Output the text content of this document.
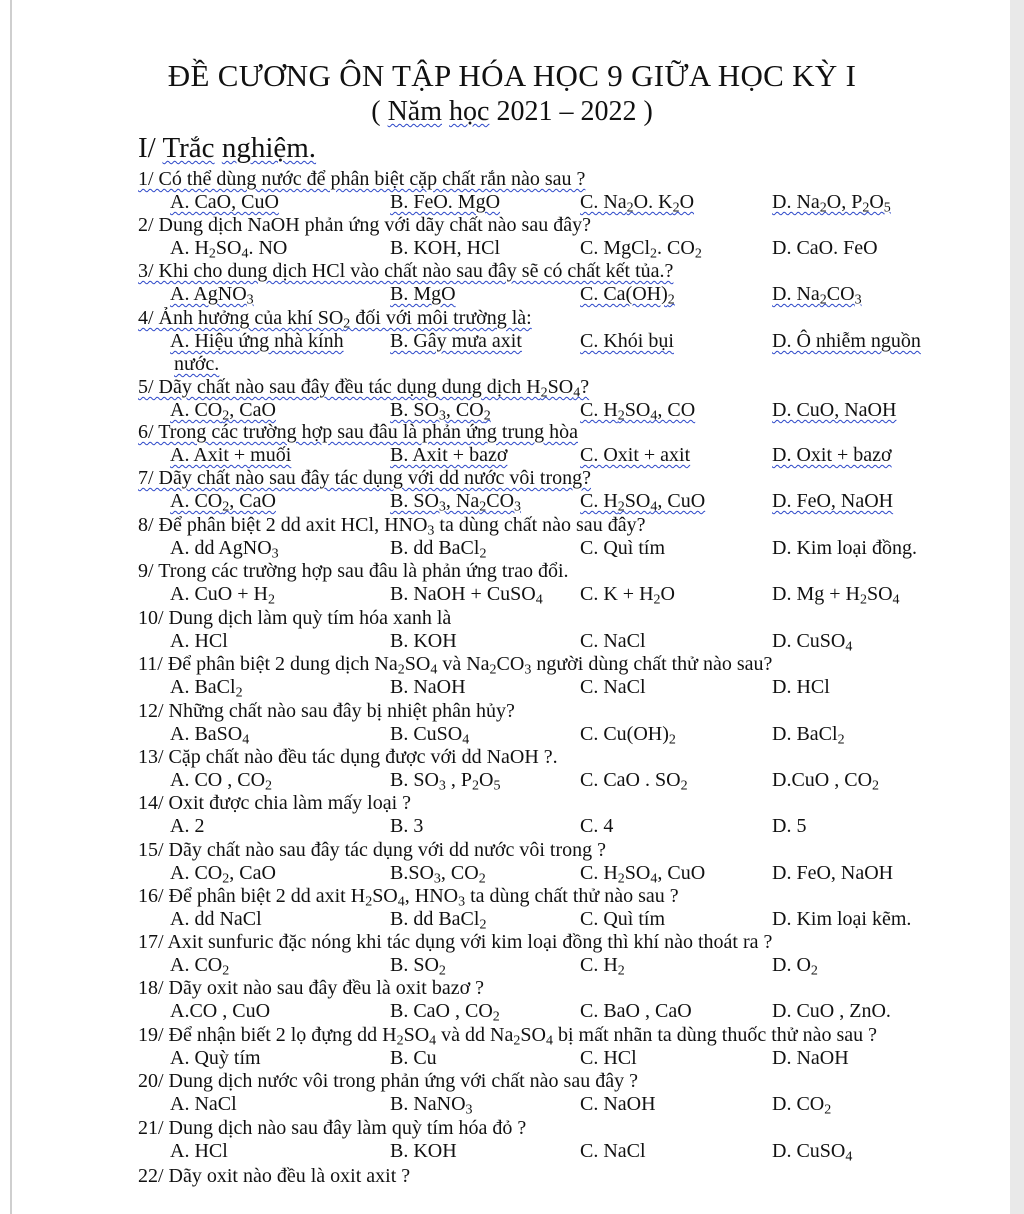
ĐỀ CƯƠNG ÔN TẬP HÓA HỌC 9 GIỮA HỌC KỲ I
( Năm học 2021 – 2022 )
I/ Trắc nghiệm.
1/ Có thể dùng nước để phân biệt cặp chất rắn nào sau ?
A. CaO, CuO	B. FeO. MgO	C. $Na_2O$. $K_2O$	D. $Na_2O$, $P_2O_5$
2/ Dung dịch NaOH phản ứng với dãy chất nào sau đây?
A. $H_2SO_4$. NO	B. KOH, HCl	C. MgCl$_2$. $CO_2$	D. CaO. FeO
3/ Khi cho dung dịch HCl vào chất nào sau đây sẽ có chất kết tủa.?
A. AgNO$_3$	B. MgO	C. $Ca(OH)_2$	D. $Na_2CO_3$
4/ Ảnh hưởng của khí $SO_2$ đối với môi trường là:
A. Hiệu ứng nhà kính B. Gây mưa axit	C. Khói bụi	D. Ô nhiễm nguồn
nước.
5/ Dãy chất nào sau đây đều tác dụng dung dịch $H_2SO_4$?
A. $CO_2$, CaO	B. $SO_3$, $CO_2$	C. $H_2SO_4$, CO	D. CuO, NaOH
6/ Trong các trường hợp sau đâu là phản ứng trung hòa
A. Axit + muối	B. Axit + bazơ	C. Oxit + axit	D. Oxit + bazơ
7/ Dãy chất nào sau đây tác dụng với dd nước vôi trong?
A. $CO_2$, CaO	B. $SO_3$, $Na_2CO_3$	C. $H_2SO_4$, CuO	D. FeO, NaOH
8/ Để phân biệt 2 dd axit HCl, $HNO_3$ ta dùng chất nào sau đây?
A. dd AgNO$_3$	B. dd BaCl$_2$	C. Quì tím	D. Kim loại đồng.
9/ Trong các trường hợp sau đâu là phản ứng trao đổi.
A. CuO + $H_2$	B. NaOH + CuSO$_4$ C. $K + H_2O$	D. $Mg + H_2SO_4$
10/ Dung dịch làm quỳ tím hóa xanh là
A. HCl	B. KOH	C. NaCl	D. CuSO$_4$
11/ Để phân biệt 2 dung dịch $Na_2SO_4$ và $Na_2CO_3$ người dùng chất thử nào sau?
A. BaCl$_2$	B. NaOH	C. NaCl	D. HCl
12/ Những chất nào sau đây bị nhiệt phân hủy?
A. BaSO$_4$	B. CuSO$_4$	C. $Cu(OH)_2$	D. BaCl$_2$
13/ Cặp chất nào đều tác dụng được với dd NaOH ?.
A. CO , $CO_2$	B. $SO_3$ , $P_2O_5$	C. CaO . $SO_2$	D.CuO , $CO_2$
14/ Oxit được chia làm mấy loại ?
A. 2	B. 3	C. 4	D. 5
15/ Dãy chất nào sau đây tác dụng với dd nước vôi trong ?
A. $CO_2$, CaO	$B.SO_3$, $CO_2$	C. $H_2SO_4$, CuO	D. FeO, NaOH
16/ Để phân biệt 2 dd axit $H_2SO_4$, $HNO_3$ ta dùng chất thử nào sau ?
A. dd NaCl	B. dd BaCl$_2$	C. Quì tím	D. Kim loại kẽm.
17/ Axit sunfuric đặc nóng khi tác dụng với kim loại đồng thì khí nào thoát ra ?
A. $CO_2$	B. $SO_2$	C. $H_2$	D. $O_2$
18/ Dãy oxit nào sau đây đều là oxit bazơ ?
A.CO , CuO	B. CaO , $CO_2$	C. BaO , CaO	D. CuO , ZnO.
19/ Để nhận biết 2 lọ đựng dd $H_2SO_4$ và dd $Na_2SO_4$ bị mất nhãn ta dùng thuốc thử nào sau ?
A. Quỳ tím	B. Cu	C. HCl	D. NaOH
20/ Dung dịch nước vôi trong phản ứng với chất nào sau đây ?
A. NaCl	B. NaNO$_3$	C. NaOH	D. $CO_2$
21/ Dung dịch nào sau đây làm quỳ tím hóa đỏ ?
A. HCl	B. KOH	C. NaCl	D. CuSO$_4$
22/ Dãy oxit nào đều là oxit axit ?
